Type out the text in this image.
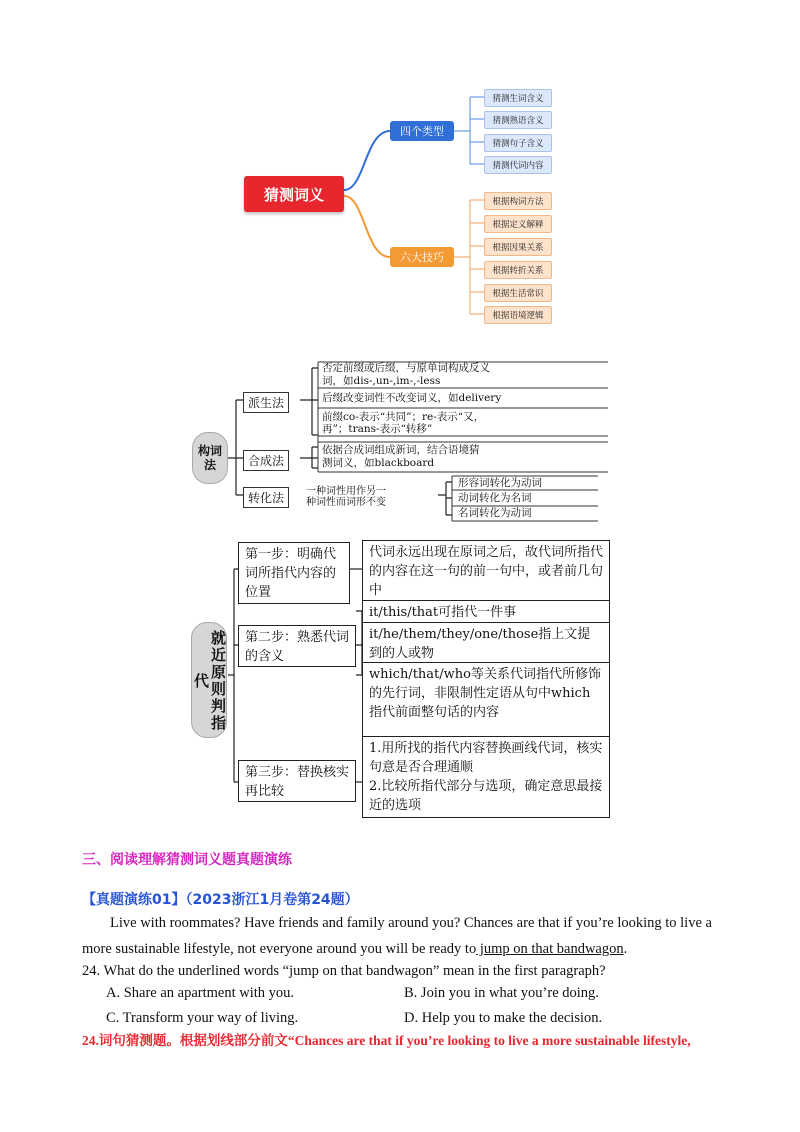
猜测词义
四个类型
六大技巧
猜测生词含义
猜测熟语含义
猜测句子含义
猜测代词内容
根据构词方法
根据定义解释
根据因果关系
根据转折关系
根据生活常识
根据语境逻辑
构词法
派生法
合成法
转化法
否定前缀或后缀，与原单词构成反义
词，如dis-,un-,im-,-less
后缀改变词性不改变词义，如delivery
前缀co-表示“共同”；re-表示“又，
再”；trans-表示“转移”
依据合成词组成新词，结合语境猜
测词义，如blackboard
一种词性用作另一
种词性而词形不变
形容词转化为动词
动词转化为名词
名词转化为动词
就近原则判指代
第一步：明确代词所指代内容的位置
代词永远出现在原词之后，故代词所指代的内容在这一句的前一句中，或者前几句中
第二步：熟悉代词的含义
it/this/that可指代一件事
it/he/them/they/one/those指上文提到的人或物
which/that/who等关系代词指代所修饰的先行词，非限制性定语从句中which指代前面整句话的内容
第三步：替换核实再比较
1.用所找的指代内容替换画线代词，核实句意是否合理通顺
2.比较所指代部分与选项，确定意思最接近的选项
三、阅读理解猜测词义题真题演练
【真题演练01】（2023浙江1月卷第24题）
Live with roommates? Have friends and family around you? Chances are that if you’re looking to live a more sustainable lifestyle, not everyone around you will be ready to jump on that bandwagon.
24. What do the underlined words “jump on that bandwagon” mean in the first paragraph?
A. Share an apartment with you.	B. Join you in what you’re doing.
C. Transform your way of living.	D. Help you to make the decision.
24.词句猜测题。根据划线部分前文“Chances are that if you’re looking to live a more sustainable lifestyle,
